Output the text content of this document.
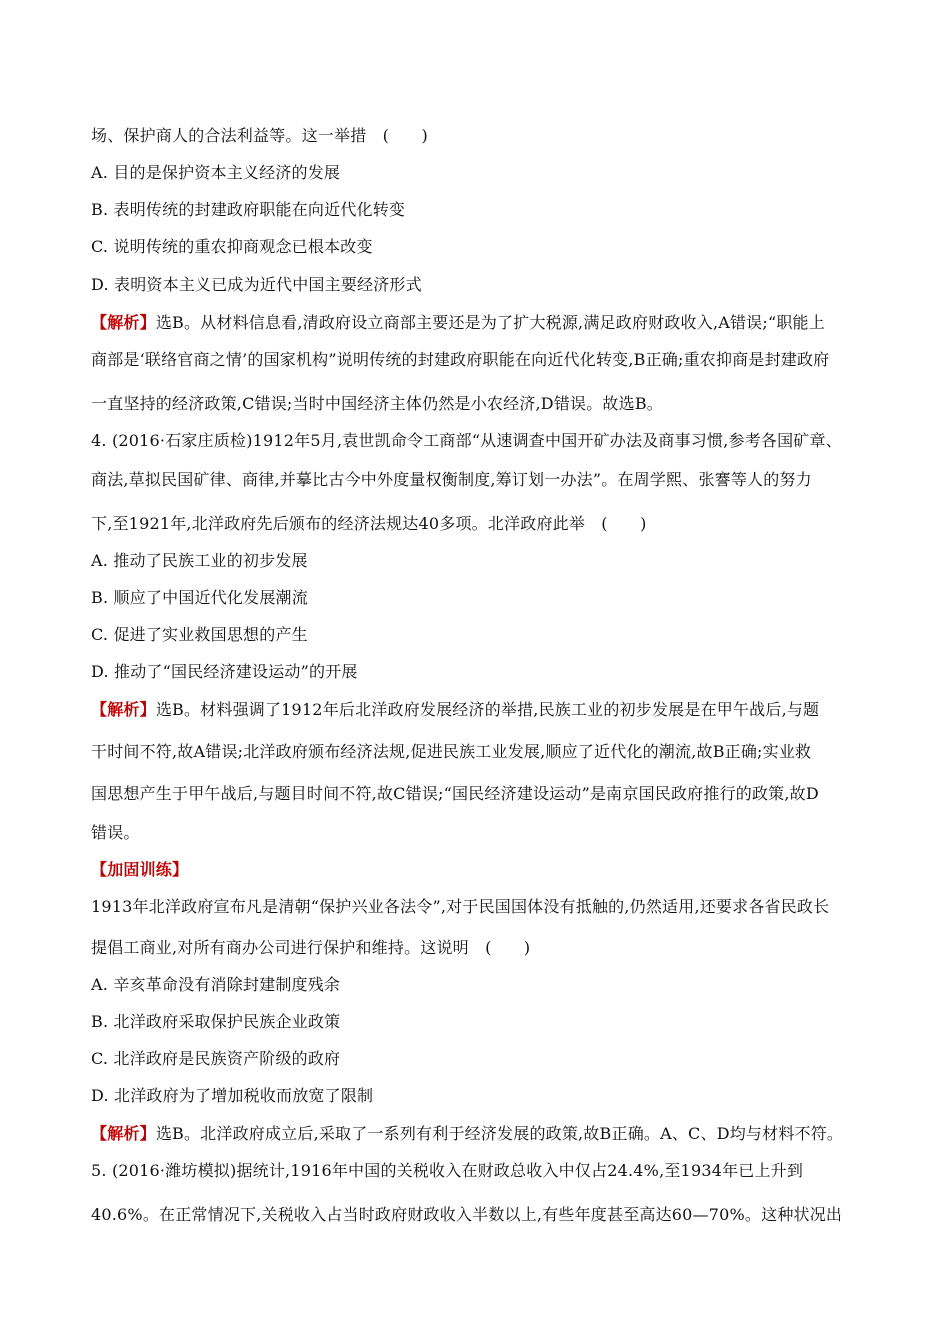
场、保护商人的合法利益等。这一举措　(　　)
A. 目的是保护资本主义经济的发展
B. 表明传统的封建政府职能在向近代化转变
C. 说明传统的重农抑商观念已根本改变
D. 表明资本主义已成为近代中国主要经济形式
【解析】选B。从材料信息看,清政府设立商部主要还是为了扩大税源,满足政府财政收入,A错误;“职能上
商部是‘联络官商之情’的国家机构”说明传统的封建政府职能在向近代化转变,B正确;重农抑商是封建政府
一直坚持的经济政策,C错误;当时中国经济主体仍然是小农经济,D错误。故选B。
4. (2016·石家庄质检)1912年5月,袁世凯命令工商部“从速调查中国开矿办法及商事习惯,参考各国矿章、
商法,草拟民国矿律、商律,并摹比古今中外度量权衡制度,筹订划一办法”。在周学熙、张謇等人的努力
下,至1921年,北洋政府先后颁布的经济法规达40多项。北洋政府此举　(　　)
A. 推动了民族工业的初步发展
B. 顺应了中国近代化发展潮流
C. 促进了实业救国思想的产生
D. 推动了“国民经济建设运动”的开展
【解析】选B。材料强调了1912年后北洋政府发展经济的举措,民族工业的初步发展是在甲午战后,与题
干时间不符,故A错误;北洋政府颁布经济法规,促进民族工业发展,顺应了近代化的潮流,故B正确;实业救
国思想产生于甲午战后,与题目时间不符,故C错误;“国民经济建设运动”是南京国民政府推行的政策,故D
错误。
【加固训练】
1913年北洋政府宣布凡是清朝“保护兴业各法令”,对于民国国体没有抵触的,仍然适用,还要求各省民政长
提倡工商业,对所有商办公司进行保护和维持。这说明　(　　)
A. 辛亥革命没有消除封建制度残余
B. 北洋政府采取保护民族企业政策
C. 北洋政府是民族资产阶级的政府
D. 北洋政府为了增加税收而放宽了限制
【解析】选B。北洋政府成立后,采取了一系列有利于经济发展的政策,故B正确。A、C、D均与材料不符。
5. (2016·潍坊模拟)据统计,1916年中国的关税收入在财政总收入中仅占24.4%,至1934年已上升到
40.6%。在正常情况下,关税收入占当时政府财政收入半数以上,有些年度甚至高达60—70%。这种状况出
